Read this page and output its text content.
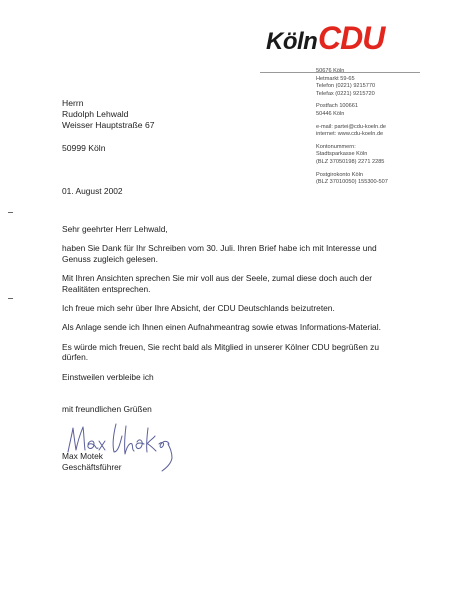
Köln CDU
50676 Köln
Hetmarkt 59-65
Telefon (0221) 9215770
Telefax (0221) 9215720
Postfach 100661
50446 Köln
e-mail: partei@cdu-koeln.de
internet: www.cdu-koeln.de
Kontonummern:
Stadtsparkasse Köln
(BLZ 37050198) 2271 2285
Postgirokonto Köln
(BLZ 37010050) 155300-507
Herrn
Rudolph Lehwald
Weisser Hauptstraße 67
50999 Köln
01. August 2002

Sehr geehrter Herr Lehwald,

haben Sie Dank für Ihr Schreiben vom 30. Juli. Ihren Brief habe ich mit Interesse und Genuss zugleich gelesen.

Mit Ihren Ansichten sprechen Sie mir voll aus der Seele, zumal diese doch auch der Realitäten entsprechen.

Ich freue mich sehr über Ihre Absicht, der CDU Deutschlands beizutreten.

Als Anlage sende ich Ihnen einen Aufnahmeantrag sowie etwas Informations-Material.

Es würde mich freuen, Sie recht bald als Mitglied in unserer Kölner CDU begrüßen zu dürfen.

Einstweilen verbleibe ich

mit freundlichen Grüßen
Max Motek
Geschäftsführer
